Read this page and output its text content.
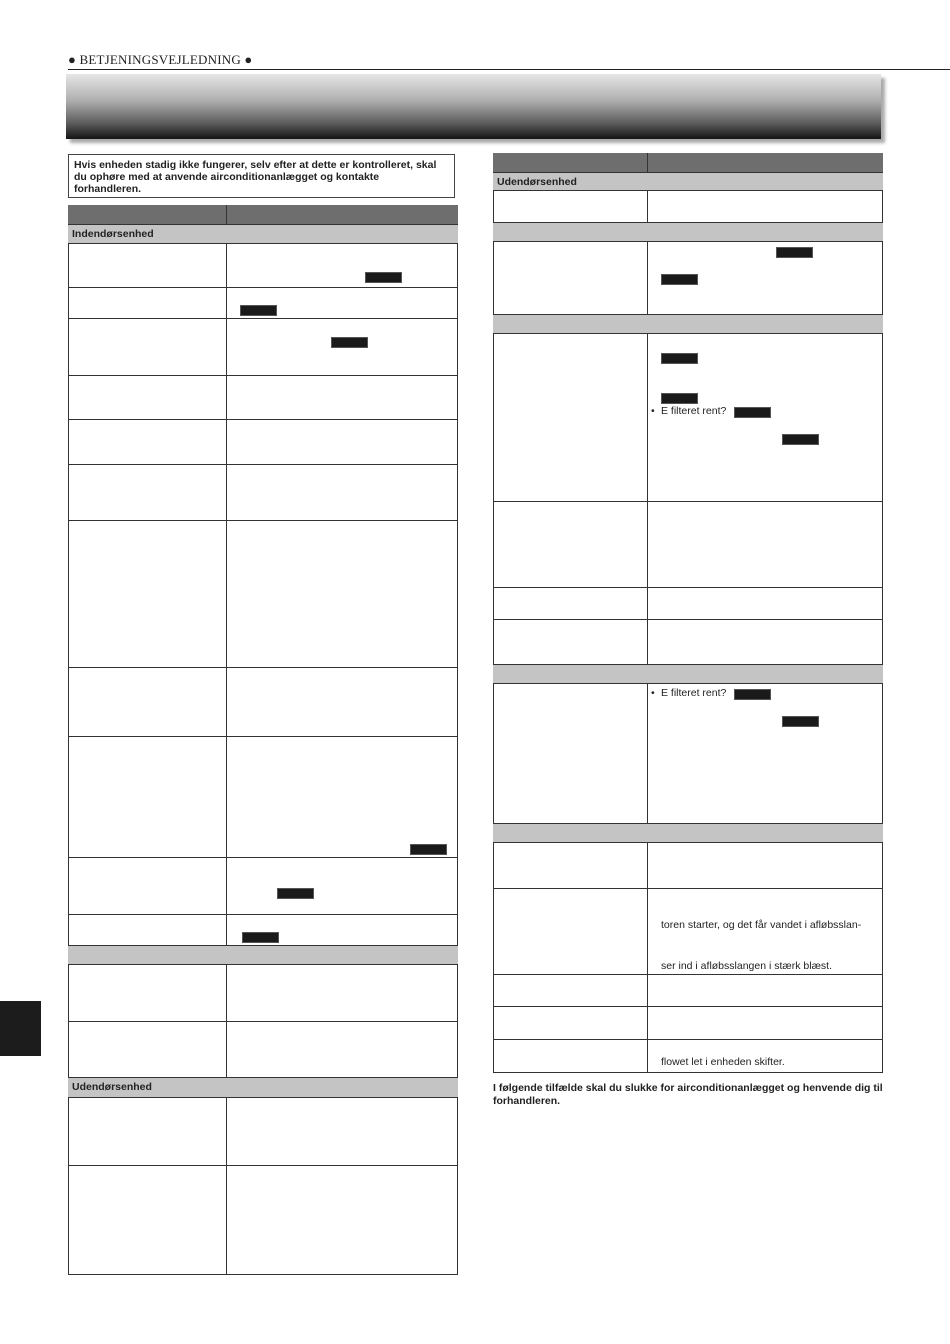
● BETJENINGSVEJLEDNING ●
Hvis enheden stadig ikke fungerer, selv efter at dette er kontrolleret, skal du ophøre med at anvende airconditionanlægget og kontakte forhandleren.
Indendørsenhed
Udendørsenhed
Udendørsenhed
• E filteret rent?
• E filteret rent?
toren starter, og det får vandet i afløbsslan-
ser ind i afløbsslangen i stærk blæst.
flowet let i enheden skifter.
I følgende tilfælde skal du slukke for airconditionanlægget og henvende dig til forhandleren.
